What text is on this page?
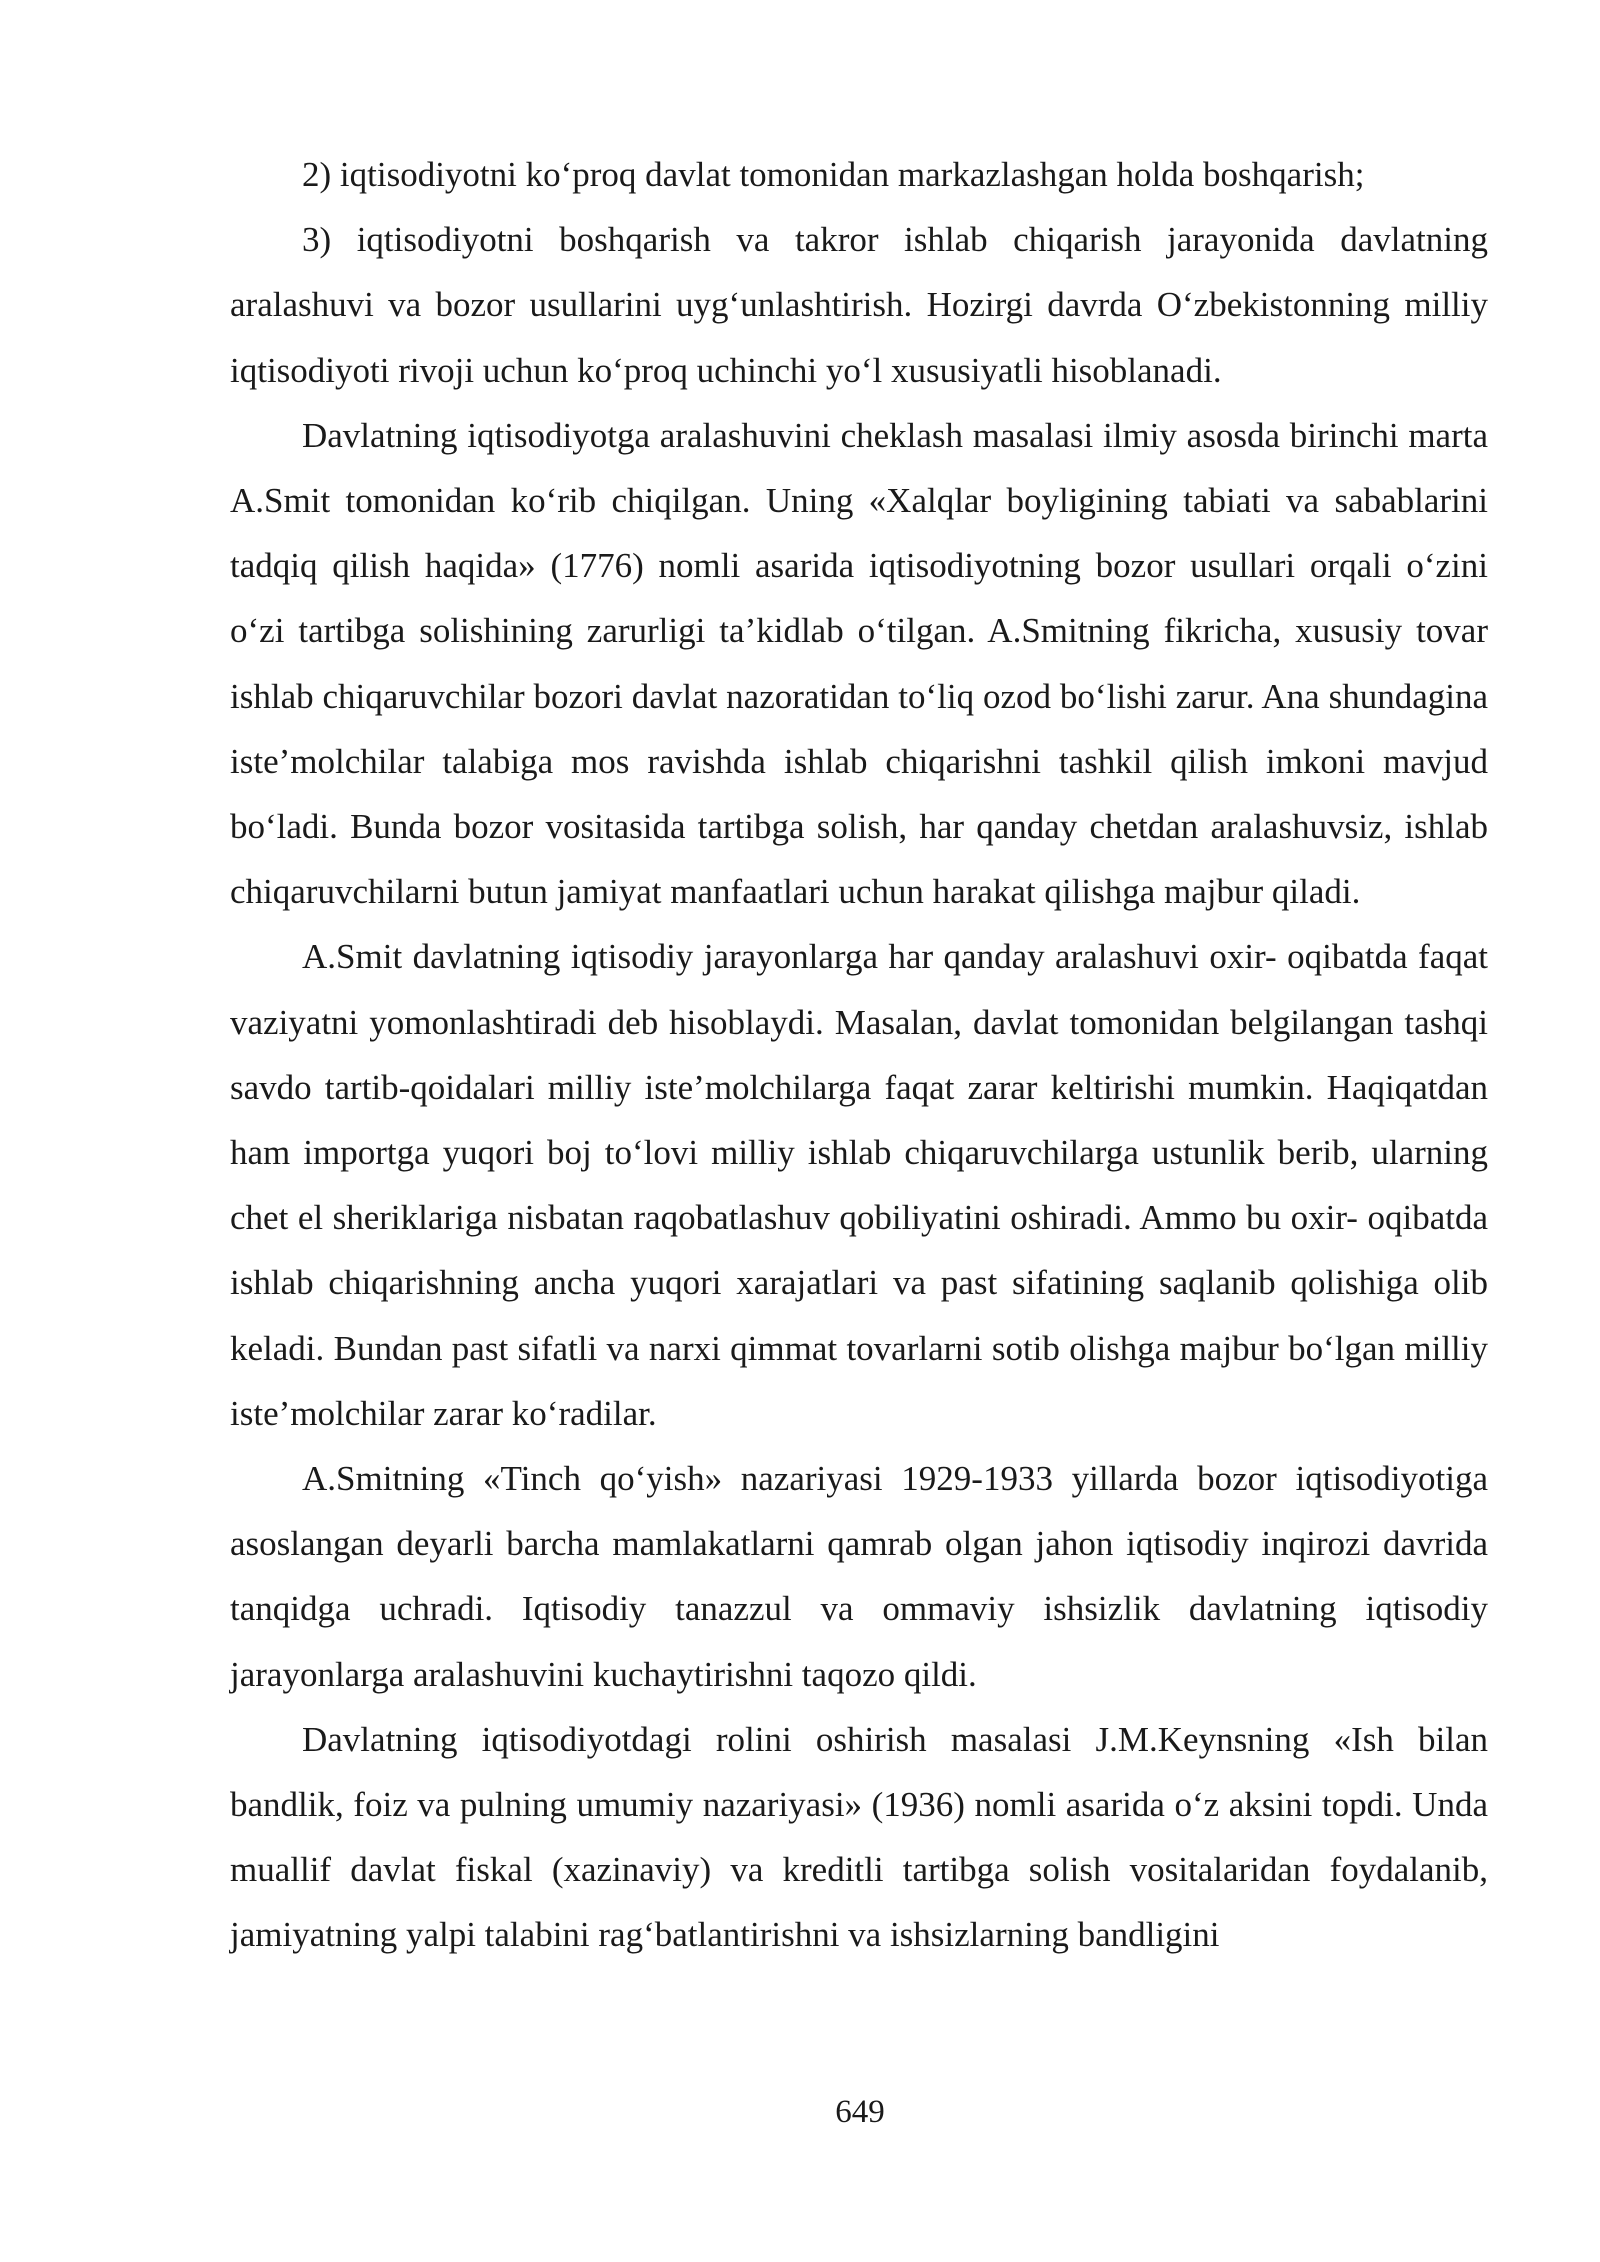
2) iqtisodiyotni ko‘proq davlat tomonidan markazlashgan holda boshqarish;

3) iqtisodiyotni boshqarish va takror ishlab chiqarish jarayonida davlatning aralashuvi va bozor usullarini uyg‘unlashtirish. Hozirgi davrda O‘zbekistonning milliy iqtisodiyoti rivoji uchun ko‘proq uchinchi yo‘l xususiyatli hisoblanadi.

Davlatning iqtisodiyotga aralashuvini cheklash masalasi ilmiy asosda birinchi marta A.Smit tomonidan ko‘rib chiqilgan. Uning «Xalqlar boyligining tabiati va sabablarini tadqiq qilish haqida» (1776) nomli asarida iqtisodiyotning bozor usullari orqali o‘zini o‘zi tartibga solishining zarurligi ta’kidlab o‘tilgan. A.Smitning fikricha, xususiy tovar ishlab chiqaruvchilar bozori davlat nazoratidan to‘liq ozod bo‘lishi zarur. Ana shundagina iste’molchilar talabiga mos ravishda ishlab chiqarishni tashkil qilish imkoni mavjud bo‘ladi. Bunda bozor vositasida tartibga solish, har qanday chetdan aralashuvsiz, ishlab chiqaruvchilarni butun jamiyat manfaatlari uchun harakat qilishga majbur qiladi.

A.Smit davlatning iqtisodiy jarayonlarga har qanday aralashuvi oxir- oqibatda faqat vaziyatni yomonlashtiradi deb hisoblaydi. Masalan, davlat tomonidan belgilangan tashqi savdo tartib-qoidalari milliy iste’molchilarga faqat zarar keltirishi mumkin. Haqiqatdan ham importga yuqori boj to‘lovi milliy ishlab chiqaruvchilarga ustunlik berib, ularning chet el sheriklariga nisbatan raqobatlashuv qobiliyatini oshiradi. Ammo bu oxir- oqibatda ishlab chiqarishning ancha yuqori xarajatlari va past sifatining saqlanib qolishiga olib keladi. Bundan past sifatli va narxi qimmat tovarlarni sotib olishga majbur bo‘lgan milliy iste’molchilar zarar ko‘radilar.

A.Smitning «Tinch qo‘yish» nazariyasi 1929-1933 yillarda bozor iqtisodiyotiga asoslangan deyarli barcha mamlakatlarni qamrab olgan jahon iqtisodiy inqirozi davrida tanqidga uchradi. Iqtisodiy tanazzul va ommaviy ishsizlik davlatning iqtisodiy jarayonlarga aralashuvini kuchaytirishni taqozo qildi.

Davlatning iqtisodiyotdagi rolini oshirish masalasi J.M.Keynsning «Ish bilan bandlik, foiz va pulning umumiy nazariyasi» (1936) nomli asarida o‘z aksini topdi. Unda muallif davlat fiskal (xazinaviy) va kreditli tartibga solish vositalaridan foydalanib, jamiyatning yalpi talabini rag‘batlantirishni va ishsizlarning bandligini

649
